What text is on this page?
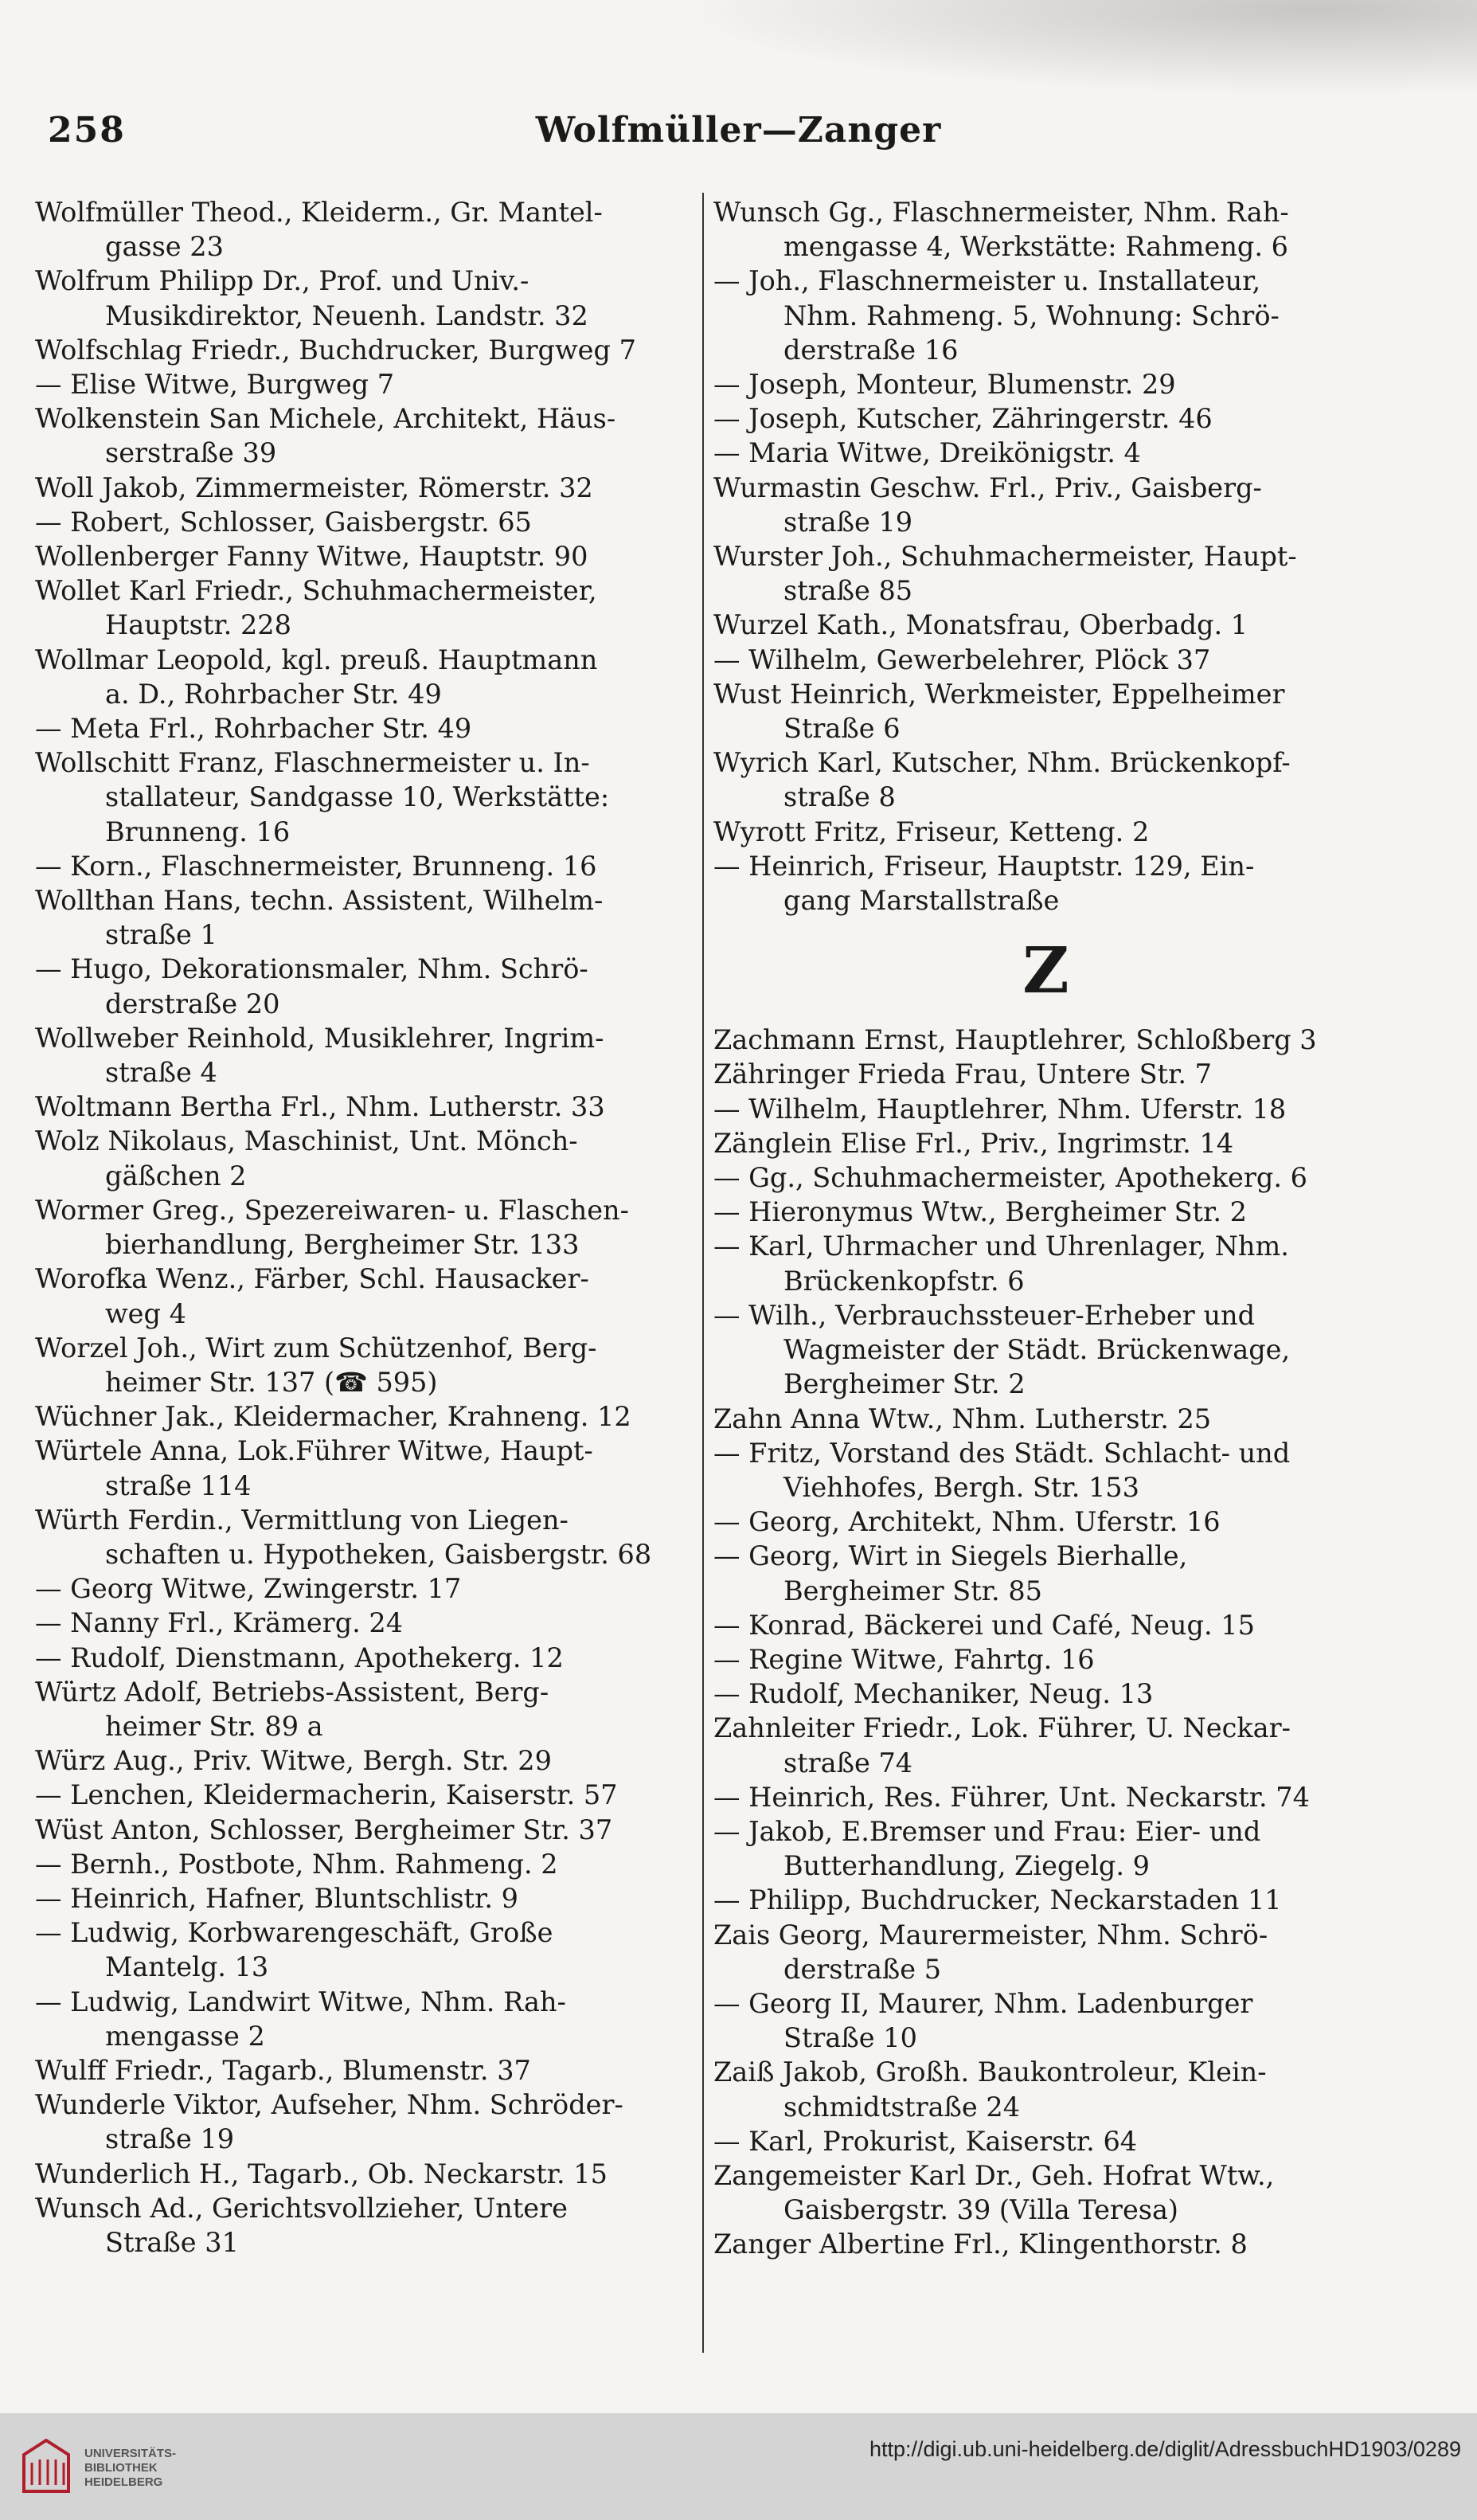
258	Wolfmüller—Zanger

Wolfmüller Theod., Kleiderm., Gr. Mantel-
gasse 23

Wolfrum Philipp Dr., Prof. und Univ.-
Musikdirektor, Neuenh. Landstr. 32

Wolfschlag Friedr., Buchdrucker, Burgweg 7

— Elise Witwe, Burgweg 7

Wolkenstein San Michele, Architekt, Häus-
serstraße 39

Woll Jakob, Zimmermeister, Römerstr. 32

— Robert, Schlosser, Gaisbergstr. 65

Wollenberger Fanny Witwe, Hauptstr. 90

Wollet Karl Friedr., Schuhmachermeister,
Hauptstr. 228

Wollmar Leopold, kgl. preuß. Hauptmann
a. D., Rohrbacher Str. 49

— Meta Frl., Rohrbacher Str. 49

Wollschitt Franz, Flaschnermeister u. In-
stallateur, Sandgasse 10, Werkstätte:
Brunneng. 16

— Korn., Flaschnermeister, Brunneng. 16

Wollthan Hans, techn. Assistent, Wilhelm-
straße 1

— Hugo, Dekorationsmaler, Nhm. Schrö-
derstraße 20

Wollweber Reinhold, Musiklehrer, Ingrim-
straße 4

Woltmann Bertha Frl., Nhm. Lutherstr. 33

Wolz Nikolaus, Maschinist, Unt. Mönch-
gäßchen 2

Wormer Greg., Spezereiwaren- u. Flaschen-
bierhandlung, Bergheimer Str. 133

Worofka Wenz., Färber, Schl. Hausacker-
weg 4

Worzel Joh., Wirt zum Schützenhof, Berg-
heimer Str. 137 (☎ 595)

Wüchner Jak., Kleidermacher, Krahneng. 12

Würtele Anna, Lok.Führer Witwe, Haupt-
straße 114

Würth Ferdin., Vermittlung von Liegen-
schaften u. Hypotheken, Gaisbergstr. 68

— Georg Witwe, Zwingerstr. 17

— Nanny Frl., Krämerg. 24

— Rudolf, Dienstmann, Apothekerg. 12

Würtz Adolf, Betriebs-Assistent, Berg-
heimer Str. 89 a

Würz Aug., Priv. Witwe, Bergh. Str. 29

— Lenchen, Kleidermacherin, Kaiserstr. 57

Wüst Anton, Schlosser, Bergheimer Str. 37

— Bernh., Postbote, Nhm. Rahmeng. 2

— Heinrich, Hafner, Bluntschlistr. 9

— Ludwig, Korbwarengeschäft, Große
Mantelg. 13

— Ludwig, Landwirt Witwe, Nhm. Rah-
mengasse 2

Wulff Friedr., Tagarb., Blumenstr. 37

Wunderle Viktor, Aufseher, Nhm. Schröder-
straße 19

Wunderlich H., Tagarb., Ob. Neckarstr. 15

Wunsch Ad., Gerichtsvollzieher, Untere
Straße 31

Wunsch Gg., Flaschnermeister, Nhm. Rah-
mengasse 4, Werkstätte: Rahmeng. 6

— Joh., Flaschnermeister u. Installateur,
Nhm. Rahmeng. 5, Wohnung: Schrö-
derstraße 16

— Joseph, Monteur, Blumenstr. 29

— Joseph, Kutscher, Zähringerstr. 46

— Maria Witwe, Dreikönigstr. 4

Wurmastin Geschw. Frl., Priv., Gaisberg-
straße 19

Wurster Joh., Schuhmachermeister, Haupt-
straße 85

Wurzel Kath., Monatsfrau, Oberbadg. 1

— Wilhelm, Gewerbelehrer, Plöck 37

Wust Heinrich, Werkmeister, Eppelheimer
Straße 6

Wyrich Karl, Kutscher, Nhm. Brückenkopf-
straße 8

Wyrott Fritz, Friseur, Ketteng. 2

— Heinrich, Friseur, Hauptstr. 129, Ein-
gang Marstallstraße

Z

Zachmann Ernst, Hauptlehrer, Schloßberg 3

Zähringer Frieda Frau, Untere Str. 7

— Wilhelm, Hauptlehrer, Nhm. Uferstr. 18

Zänglein Elise Frl., Priv., Ingrimstr. 14

— Gg., Schuhmachermeister, Apothekerg. 6

— Hieronymus Wtw., Bergheimer Str. 2

— Karl, Uhrmacher und Uhrenlager, Nhm.
Brückenkopfstr. 6

— Wilh., Verbrauchssteuer-Erheber und
Wagmeister der Städt. Brückenwage,
Bergheimer Str. 2

Zahn Anna Wtw., Nhm. Lutherstr. 25

— Fritz, Vorstand des Städt. Schlacht- und
Viehhofes, Bergh. Str. 153

— Georg, Architekt, Nhm. Uferstr. 16

— Georg, Wirt in Siegels Bierhalle,
Bergheimer Str. 85

— Konrad, Bäckerei und Café, Neug. 15

— Regine Witwe, Fahrtg. 16

— Rudolf, Mechaniker, Neug. 13

Zahnleiter Friedr., Lok. Führer, U. Neckar-
straße 74

— Heinrich, Res. Führer, Unt. Neckarstr. 74

— Jakob, E.Bremser und Frau: Eier- und
Butterhandlung, Ziegelg. 9

— Philipp, Buchdrucker, Neckarstaden 11

Zais Georg, Maurermeister, Nhm. Schrö-
derstraße 5

— Georg II, Maurer, Nhm. Ladenburger
Straße 10

Zaiß Jakob, Großh. Baukontroleur, Klein-
schmidtstraße 24

— Karl, Prokurist, Kaiserstr. 64

Zangemeister Karl Dr., Geh. Hofrat Wtw.,
Gaisbergstr. 39 (Villa Teresa)

Zanger Albertine Frl., Klingenthorstr. 8

UNIVERSITÄTS-
BIBLIOTHEK
HEIDELBERG
http://digi.ub.uni-heidelberg.de/diglit/AdressbuchHD1903/0289
